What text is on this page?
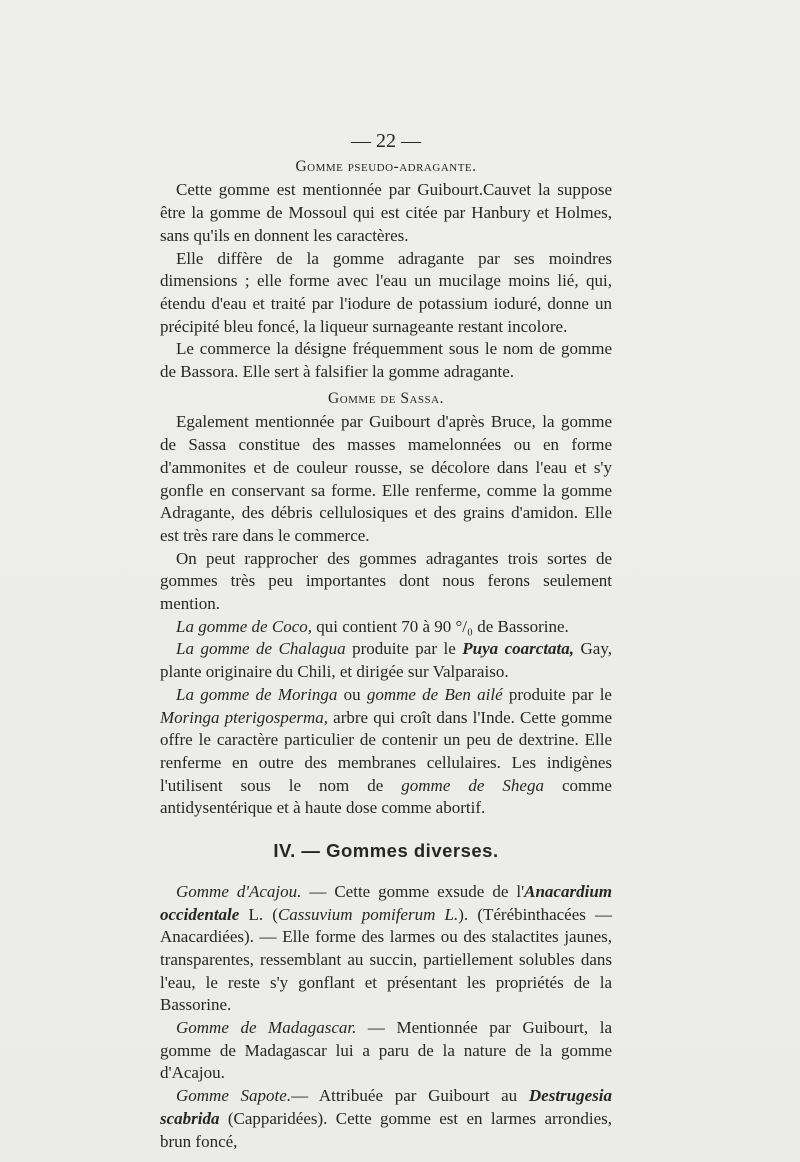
— 22 —
Gomme pseudo-adragante.

Cette gomme est mentionnée par Guibourt.Cauvet la suppose être la gomme de Mossoul qui est citée par Hanbury et Holmes, sans qu'ils en donnent les caractères.

Elle diffère de la gomme adragante par ses moindres dimensions ; elle forme avec l'eau un mucilage moins lié, qui, étendu d'eau et traité par l'iodure de potassium ioduré, donne un précipité bleu foncé, la liqueur surnageante restant incolore.

Le commerce la désigne fréquemment sous le nom de gomme de Bassora. Elle sert à falsifier la gomme adragante.

Gomme de Sassa.

Egalement mentionnée par Guibourt d'après Bruce, la gomme de Sassa constitue des masses mamelonnées ou en forme d'ammonites et de couleur rousse, se décolore dans l'eau et s'y gonfle en conservant sa forme. Elle renferme, comme la gomme Adragante, des débris cellulosiques et des grains d'amidon. Elle est très rare dans le commerce.

On peut rapprocher des gommes adragantes trois sortes de gommes très peu importantes dont nous ferons seulement mention.

La gomme de Coco, qui contient 70 à 90 °/₀ de Bassorine.

La gomme de Chalagua produite par le Puya coarctata, Gay, plante originaire du Chili, et dirigée sur Valparaiso.

La gomme de Moringa ou gomme de Ben ailé produite par le Moringa pterigosperma, arbre qui croît dans l'Inde. Cette gomme offre le caractère particulier de contenir un peu de dextrine. Elle renferme en outre des membranes cellulaires. Les indigènes l'utilisent sous le nom de gomme de Shega comme antidysentérique et à haute dose comme abortif.

IV. — Gommes diverses.

Gomme d'Acajou. — Cette gomme exsude de l'Anacardium occidentale L. (Cassuvium pomiferum L.). (Térébinthacées — Anacardiées). — Elle forme des larmes ou des stalactites jaunes, transparentes, ressemblant au succin, partiellement solubles dans l'eau, le reste s'y gonflant et présentant les propriétés de la Bassorine.

Gomme de Madagascar. — Mentionnée par Guibourt, la gomme de Madagascar lui a paru de la nature de la gomme d'Acajou.

Gomme Sapote.— Attribuée par Guibourt au Destrugesia scabrida (Capparidées). Cette gomme est en larmes arrondies, brun foncé,
